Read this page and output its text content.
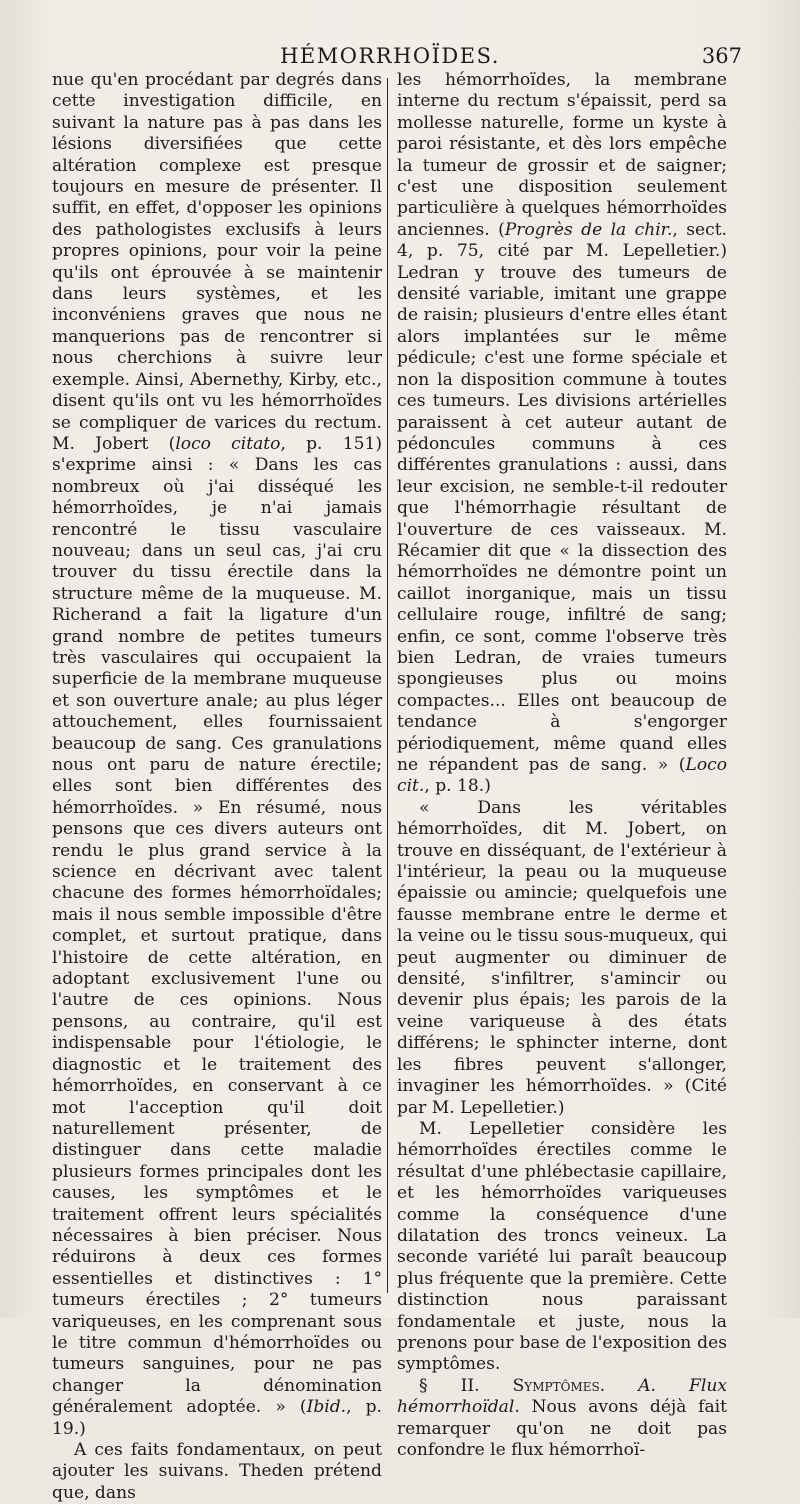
HÉMORRHOÏDES.	367

nue qu'en procédant par degrés dans cette investigation difficile, en suivant la nature pas à pas dans les lésions diversifiées que cette altération complexe est presque toujours en mesure de présenter. Il suffit, en effet, d'opposer les opinions des pathologistes exclusifs à leurs propres opinions, pour voir la peine qu'ils ont éprouvée à se maintenir dans leurs systèmes, et les inconvéniens graves que nous ne manquerions pas de rencontrer si nous cherchions à suivre leur exemple. Ainsi, Abernethy, Kirby, etc., disent qu'ils ont vu les hémorrhoïdes se compliquer de varices du rectum. M. Jobert (loco citato, p. 151) s'exprime ainsi : « Dans les cas nombreux où j'ai disséqué les hémorrhoïdes, je n'ai jamais rencontré le tissu vasculaire nouveau; dans un seul cas, j'ai cru trouver du tissu érectile dans la structure même de la muqueuse. M. Richerand a fait la ligature d'un grand nombre de petites tumeurs très vasculaires qui occupaient la superficie de la membrane muqueuse et son ouverture anale; au plus léger attouchement, elles fournissaient beaucoup de sang. Ces granulations nous ont paru de nature érectile; elles sont bien différentes des hémorrhoïdes. » En résumé, nous pensons que ces divers auteurs ont rendu le plus grand service à la science en décrivant avec talent chacune des formes hémorrhoïdales; mais il nous semble impossible d'être complet, et surtout pratique, dans l'histoire de cette altération, en adoptant exclusivement l'une ou l'autre de ces opinions. Nous pensons, au contraire, qu'il est indispensable pour l'étiologie, le diagnostic et le traitement des hémorrhoïdes, en conservant à ce mot l'acception qu'il doit naturellement présenter, de distinguer dans cette maladie plusieurs formes principales dont les causes, les symptômes et le traitement offrent leurs spécialités nécessaires à bien préciser. Nous réduirons à deux ces formes essentielles et distinctives : 1° tumeurs érectiles ; 2° tumeurs variqueuses, en les comprenant sous le titre commun d'hémorrhoïdes ou tumeurs sanguines, pour ne pas changer la dénomination généralement adoptée. » (Ibid., p. 19.)

A ces faits fondamentaux, on peut ajouter les suivans. Theden prétend que, dans

les hémorrhoïdes, la membrane interne du rectum s'épaissit, perd sa mollesse naturelle, forme un kyste à paroi résistante, et dès lors empêche la tumeur de grossir et de saigner; c'est une disposition seulement particulière à quelques hémorrhoïdes anciennes. (Progrès de la chir., sect. 4, p. 75, cité par M. Lepelletier.) Ledran y trouve des tumeurs de densité variable, imitant une grappe de raisin; plusieurs d'entre elles étant alors implantées sur le même pédicule; c'est une forme spéciale et non la disposition commune à toutes ces tumeurs. Les divisions artérielles paraissent à cet auteur autant de pédoncules communs à ces différentes granulations : aussi, dans leur excision, ne semble-t-il redouter que l'hémorrhagie résultant de l'ouverture de ces vaisseaux. M. Récamier dit que « la dissection des hémorrhoïdes ne démontre point un caillot inorganique, mais un tissu cellulaire rouge, infiltré de sang; enfin, ce sont, comme l'observe très bien Ledran, de vraies tumeurs spongieuses plus ou moins compactes... Elles ont beaucoup de tendance à s'engorger périodiquement, même quand elles ne répandent pas de sang. » (Loco cit., p. 18.)

« Dans les véritables hémorrhoïdes, dit M. Jobert, on trouve en disséquant, de l'extérieur à l'intérieur, la peau ou la muqueuse épaissie ou amincie; quelquefois une fausse membrane entre le derme et la veine ou le tissu sous-muqueux, qui peut augmenter ou diminuer de densité, s'infiltrer, s'amincir ou devenir plus épais; les parois de la veine variqueuse à des états différens; le sphincter interne, dont les fibres peuvent s'allonger, invaginer les hémorrhoïdes. » (Cité par M. Lepelletier.)

M. Lepelletier considère les hémorrhoïdes érectiles comme le résultat d'une phlébectasie capillaire, et les hémorrhoïdes variqueuses comme la conséquence d'une dilatation des troncs veineux. La seconde variété lui paraît beaucoup plus fréquente que la première. Cette distinction nous paraissant fondamentale et juste, nous la prenons pour base de l'exposition des symptômes.

§ II. Symptômes. A. Flux hémorrhoïdal. Nous avons déjà fait remarquer qu'on ne doit pas confondre le flux hémorrhoï-
